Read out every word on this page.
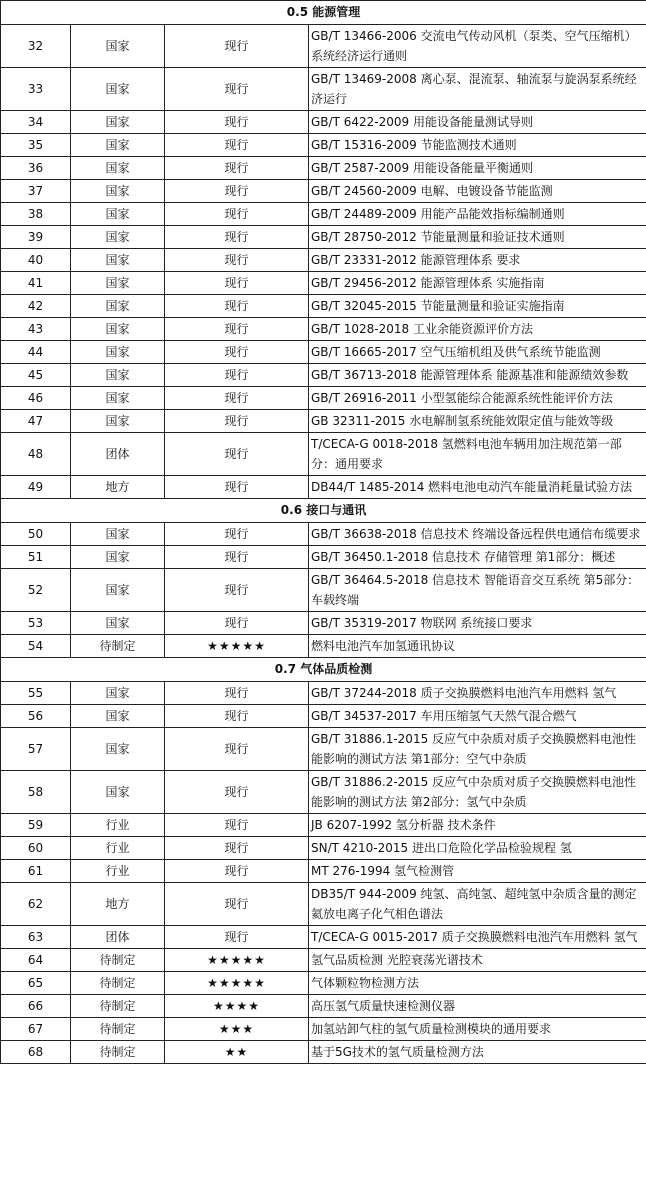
0.5 能源管理			
32	国家	现行	GB/T 13466-2006 交流电气传动风机（泵类、空气压缩机）系统经济运行通则
33	国家	现行	GB/T 13469-2008 离心泵、混流泵、轴流泵与旋涡泵系统经济运行
34	国家	现行	GB/T 6422-2009 用能设备能量测试导则
35	国家	现行	GB/T 15316-2009 节能监测技术通则
36	国家	现行	GB/T 2587-2009 用能设备能量平衡通则
37	国家	现行	GB/T 24560-2009 电解、电镀设备节能监测
38	国家	现行	GB/T 24489-2009 用能产品能效指标编制通则
39	国家	现行	GB/T 28750-2012 节能量测量和验证技术通则
40	国家	现行	GB/T 23331-2012 能源管理体系 要求
41	国家	现行	GB/T 29456-2012 能源管理体系 实施指南
42	国家	现行	GB/T 32045-2015 节能量测量和验证实施指南
43	国家	现行	GB/T 1028-2018 工业余能资源评价方法
44	国家	现行	GB/T 16665-2017 空气压缩机组及供气系统节能监测
45	国家	现行	GB/T 36713-2018 能源管理体系 能源基准和能源绩效参数
46	国家	现行	GB/T 26916-2011 小型氢能综合能源系统性能评价方法
47	国家	现行	GB 32311-2015 水电解制氢系统能效限定值与能效等级
48	团体	现行	T/CECA-G 0018-2018 氢燃料电池车辆用加注规范第一部分：通用要求
49	地方	现行	DB44/T 1485-2014 燃料电池电动汽车能量消耗量试验方法
0.6 接口与通讯			
50	国家	现行	GB/T 36638-2018 信息技术 终端设备远程供电通信布缆要求
51	国家	现行	GB/T 36450.1-2018 信息技术 存储管理 第1部分：概述
52	国家	现行	GB/T 36464.5-2018 信息技术 智能语音交互系统 第5部分：车载终端
53	国家	现行	GB/T 35319-2017 物联网 系统接口要求
54	待制定	★★★★★	燃料电池汽车加氢通讯协议
0.7 气体品质检测			
55	国家	现行	GB/T 37244-2018 质子交换膜燃料电池汽车用燃料 氢气
56	国家	现行	GB/T 34537-2017 车用压缩氢气天然气混合燃气
57	国家	现行	GB/T 31886.1-2015 反应气中杂质对质子交换膜燃料电池性能影响的测试方法 第1部分：空气中杂质
58	国家	现行	GB/T 31886.2-2015 反应气中杂质对质子交换膜燃料电池性能影响的测试方法 第2部分：氢气中杂质
59	行业	现行	JB 6207-1992 氢分析器 技术条件
60	行业	现行	SN/T 4210-2015 进出口危险化学品检验规程 氢
61	行业	现行	MT 276-1994 氢气检测管
62	地方	现行	DB35/T 944-2009 纯氢、高纯氢、超纯氢中杂质含量的测定 氦放电离子化气相色谱法
63	团体	现行	T/CECA-G 0015-2017 质子交换膜燃料电池汽车用燃料 氢气
64	待制定	★★★★★	氢气品质检测 光腔衰荡光谱技术
65	待制定	★★★★★	气体颗粒物检测方法
66	待制定	★★★★	高压氢气质量快速检测仪器
67	待制定	★★★	加氢站卸气柱的氢气质量检测模块的通用要求
68	待制定	★★	基于5G技术的氢气质量检测方法
